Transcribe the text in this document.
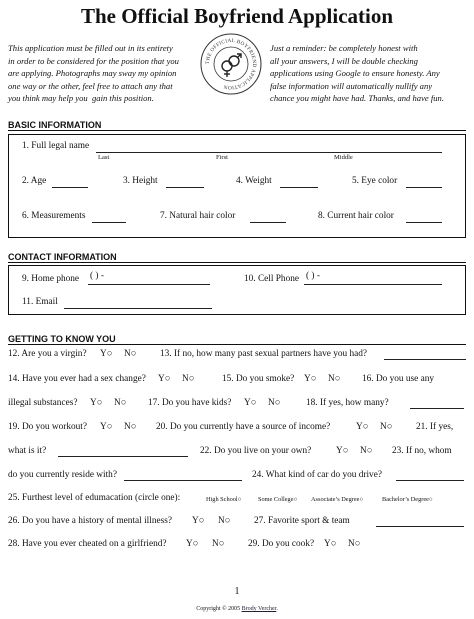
The Official Boyfriend Application
This application must be filled out in its entirety
in order to be considered for the position that you
are applying. Photographs may sway my opinion
one way or the other, feel free to attach any that
you think may help you  gain this position.
Just a reminder: be completely honest with
all your answers, I will be double checking
applications using Google to ensure honesty. Any
false information will automatically nullify any
chance you might have had. Thanks, and have fun.
THE OFFICIAL BOYFRIEND APPLICATION
BASIC INFORMATION
1. Full legal name
Last	First	Middle
2. Age	3. Height	4. Weight	5. Eye color
6. Measurements	7. Natural hair color	8. Current hair color
CONTACT INFORMATION
9. Home phone ( ) -	10. Cell Phone ( ) -
11. Email
GETTING TO KNOW YOU
12. Are you a virgin? Y○ N○	13. If no, how many past sexual partners have you had?
14. Have you ever had a sex change? Y○ N○	15. Do you smoke? Y○ N○ 16. Do you use any
illegal substances? Y○ N○ 17. Do you have kids? Y○ N○	18. If yes, how many?
19. Do you workout? Y○ N○ 20. Do you currently have a source of income?	Y○ N○	21. If yes,
what is it?	22. Do you live on your own?	Y○ N○ 23. If no, whom
do you currently reside with?	24. What kind of car do you drive?
25. Furthest level of edumacation (circle one):	High School○	Some College○ Associate’s Degree○	Bachelor’s Degree○
26. Do you have a history of mental illness? Y○ N○	27. Favorite sport & team
28. Have you ever cheated on a girlfriend? Y○ N○	29. Do you cook? Y○ N○
1
Copyright © 2005 Brody Vercher.
